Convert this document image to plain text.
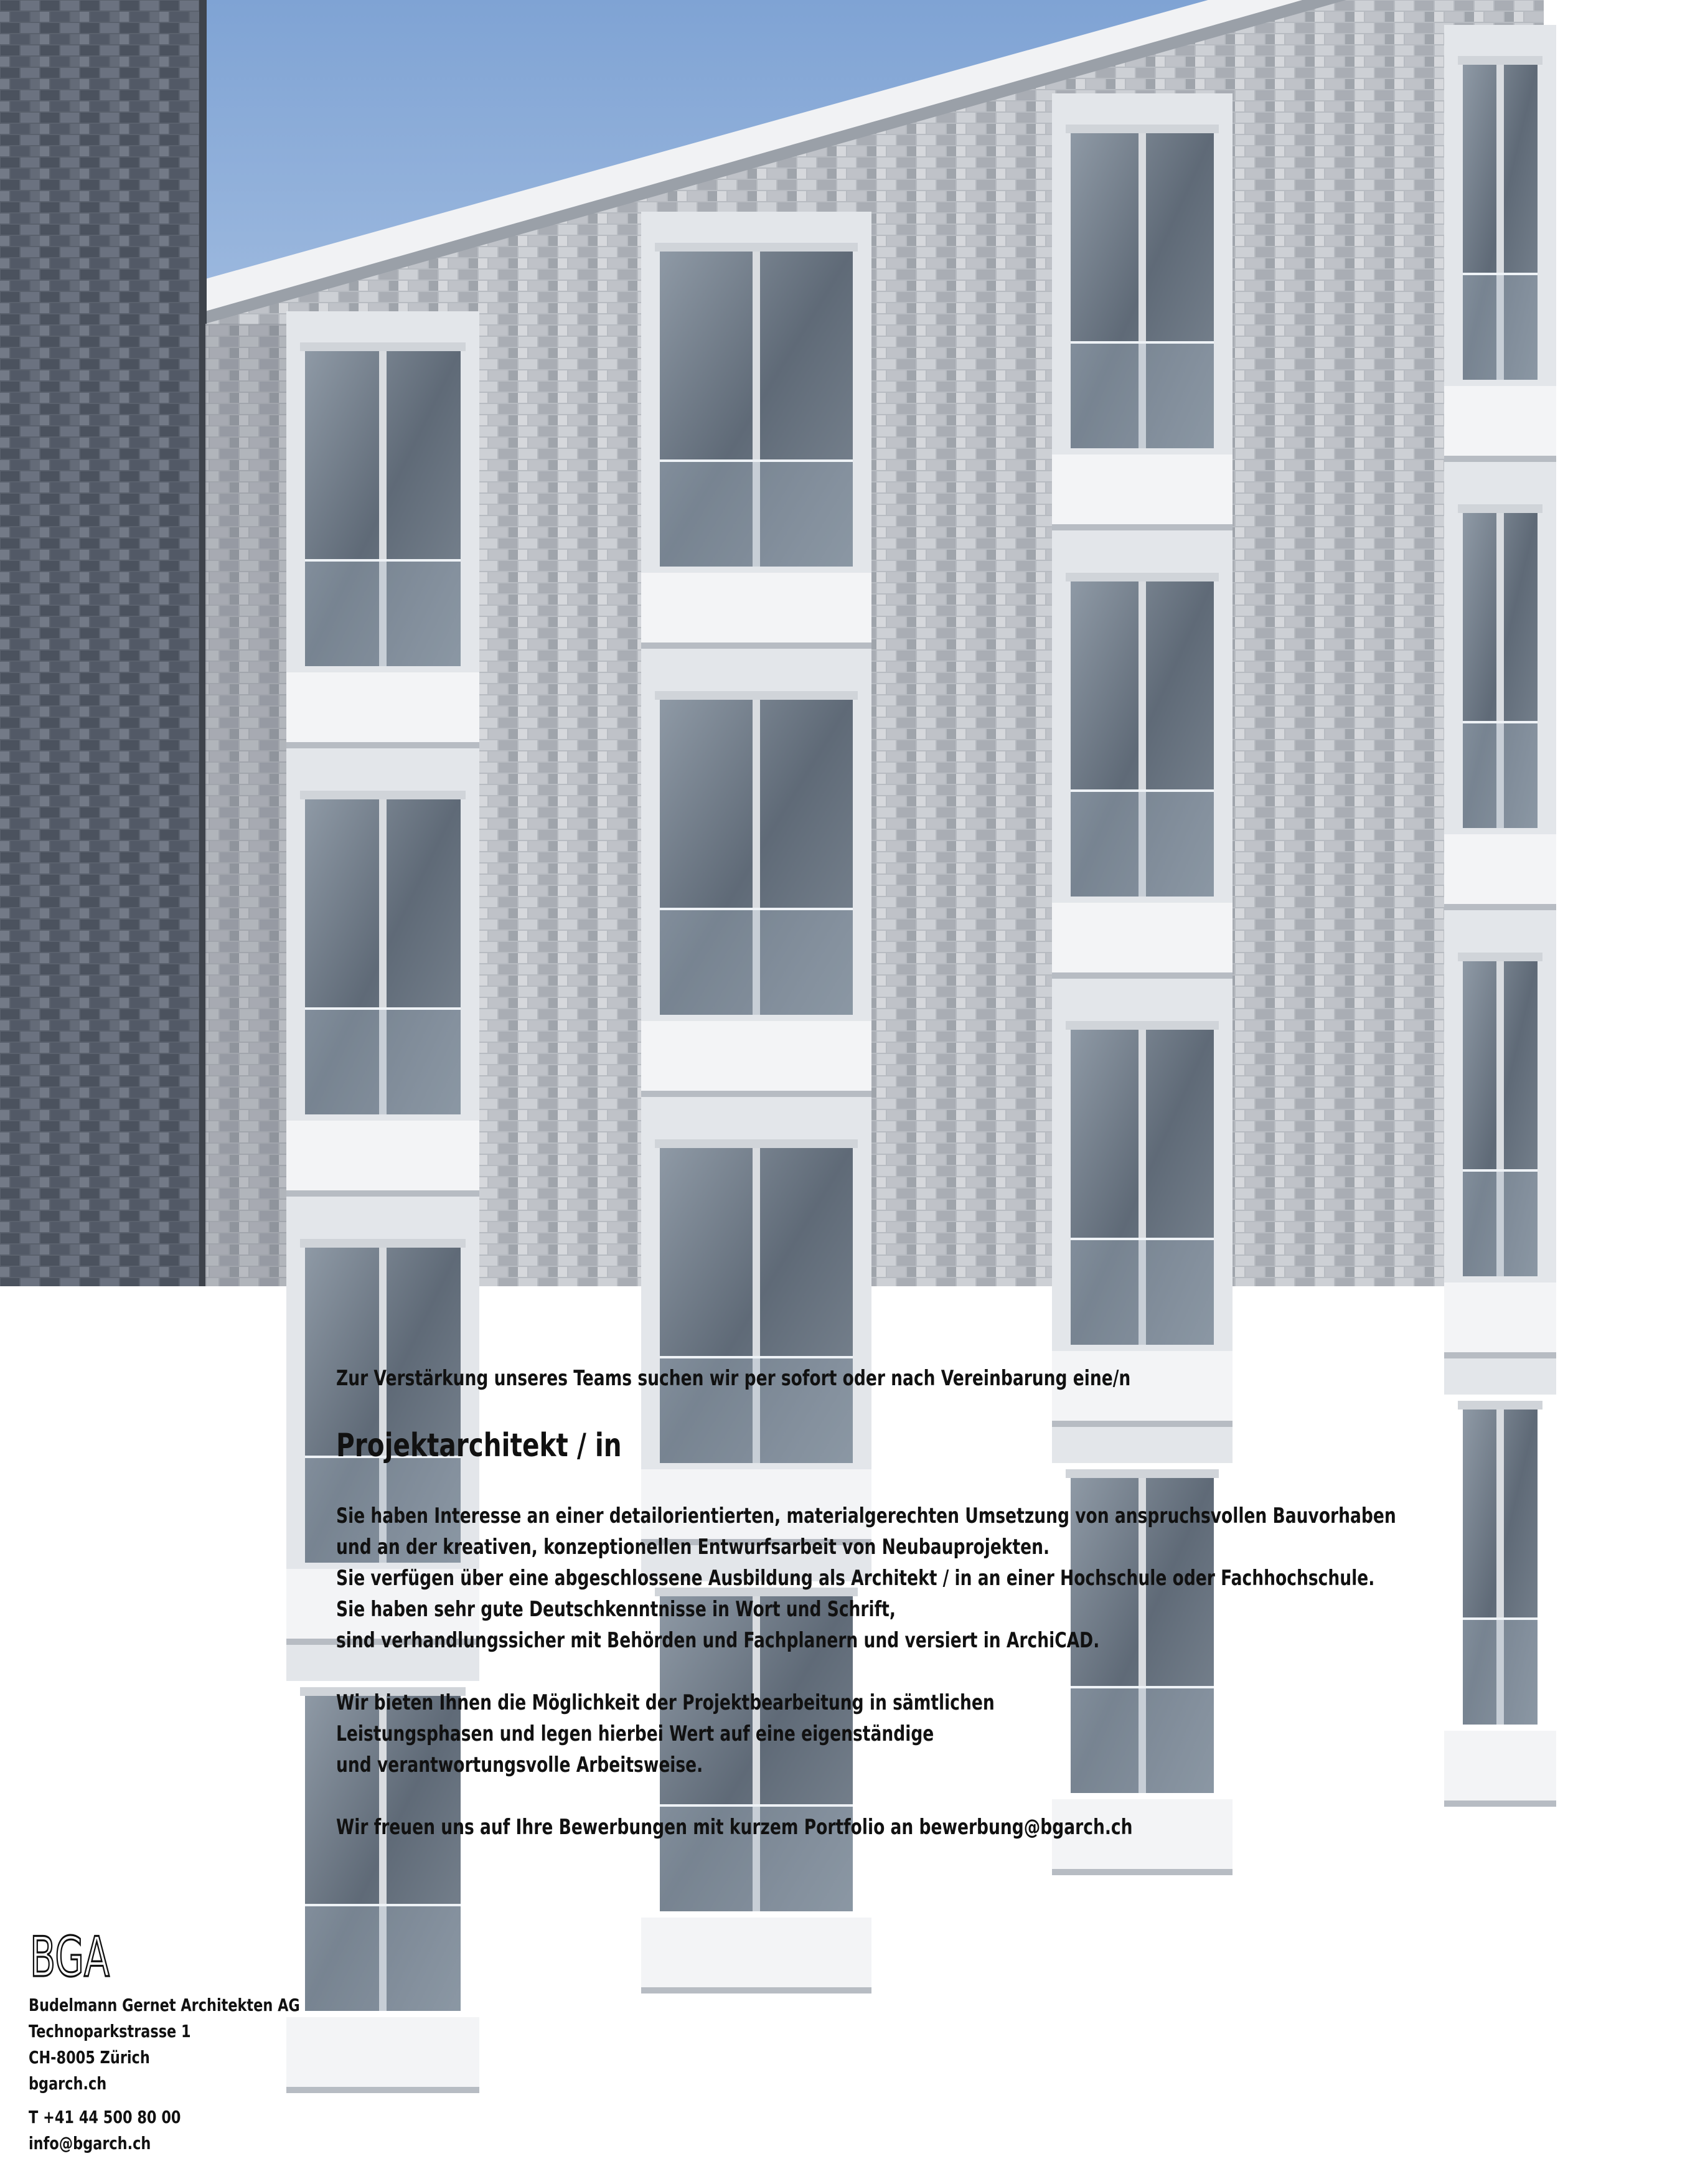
Zur Verstärkung unseres Teams suchen wir per sofort oder nach Vereinbarung eine/n

Projektarchitekt / in
Sie haben Interesse an einer detailorientierten, materialgerechten Umsetzung von anspruchsvollen Bauvorhaben
und an der kreativen, konzeptionellen Entwurfsarbeit von Neubauprojekten.
Sie verfügen über eine abgeschlossene Ausbildung als Architekt / in an einer Hochschule oder Fachhochschule.
Sie haben sehr gute Deutschkenntnisse in Wort und Schrift,
sind verhandlungssicher mit Behörden und Fachplanern und versiert in ArchiCAD.
Wir bieten Ihnen die Möglichkeit der Projektbearbeitung in sämtlichen
Leistungsphasen und legen hierbei Wert auf eine eigenständige
und verantwortungsvolle Arbeitsweise.
Wir freuen uns auf Ihre Bewerbungen mit kurzem Portfolio an bewerbung@bgarch.ch
BGA

Budelmann Gernet Architekten AG

Technoparkstrasse 1

CH-8005 Zürich

bgarch.ch

T +41 44 500 80 00

info@bgarch.ch
